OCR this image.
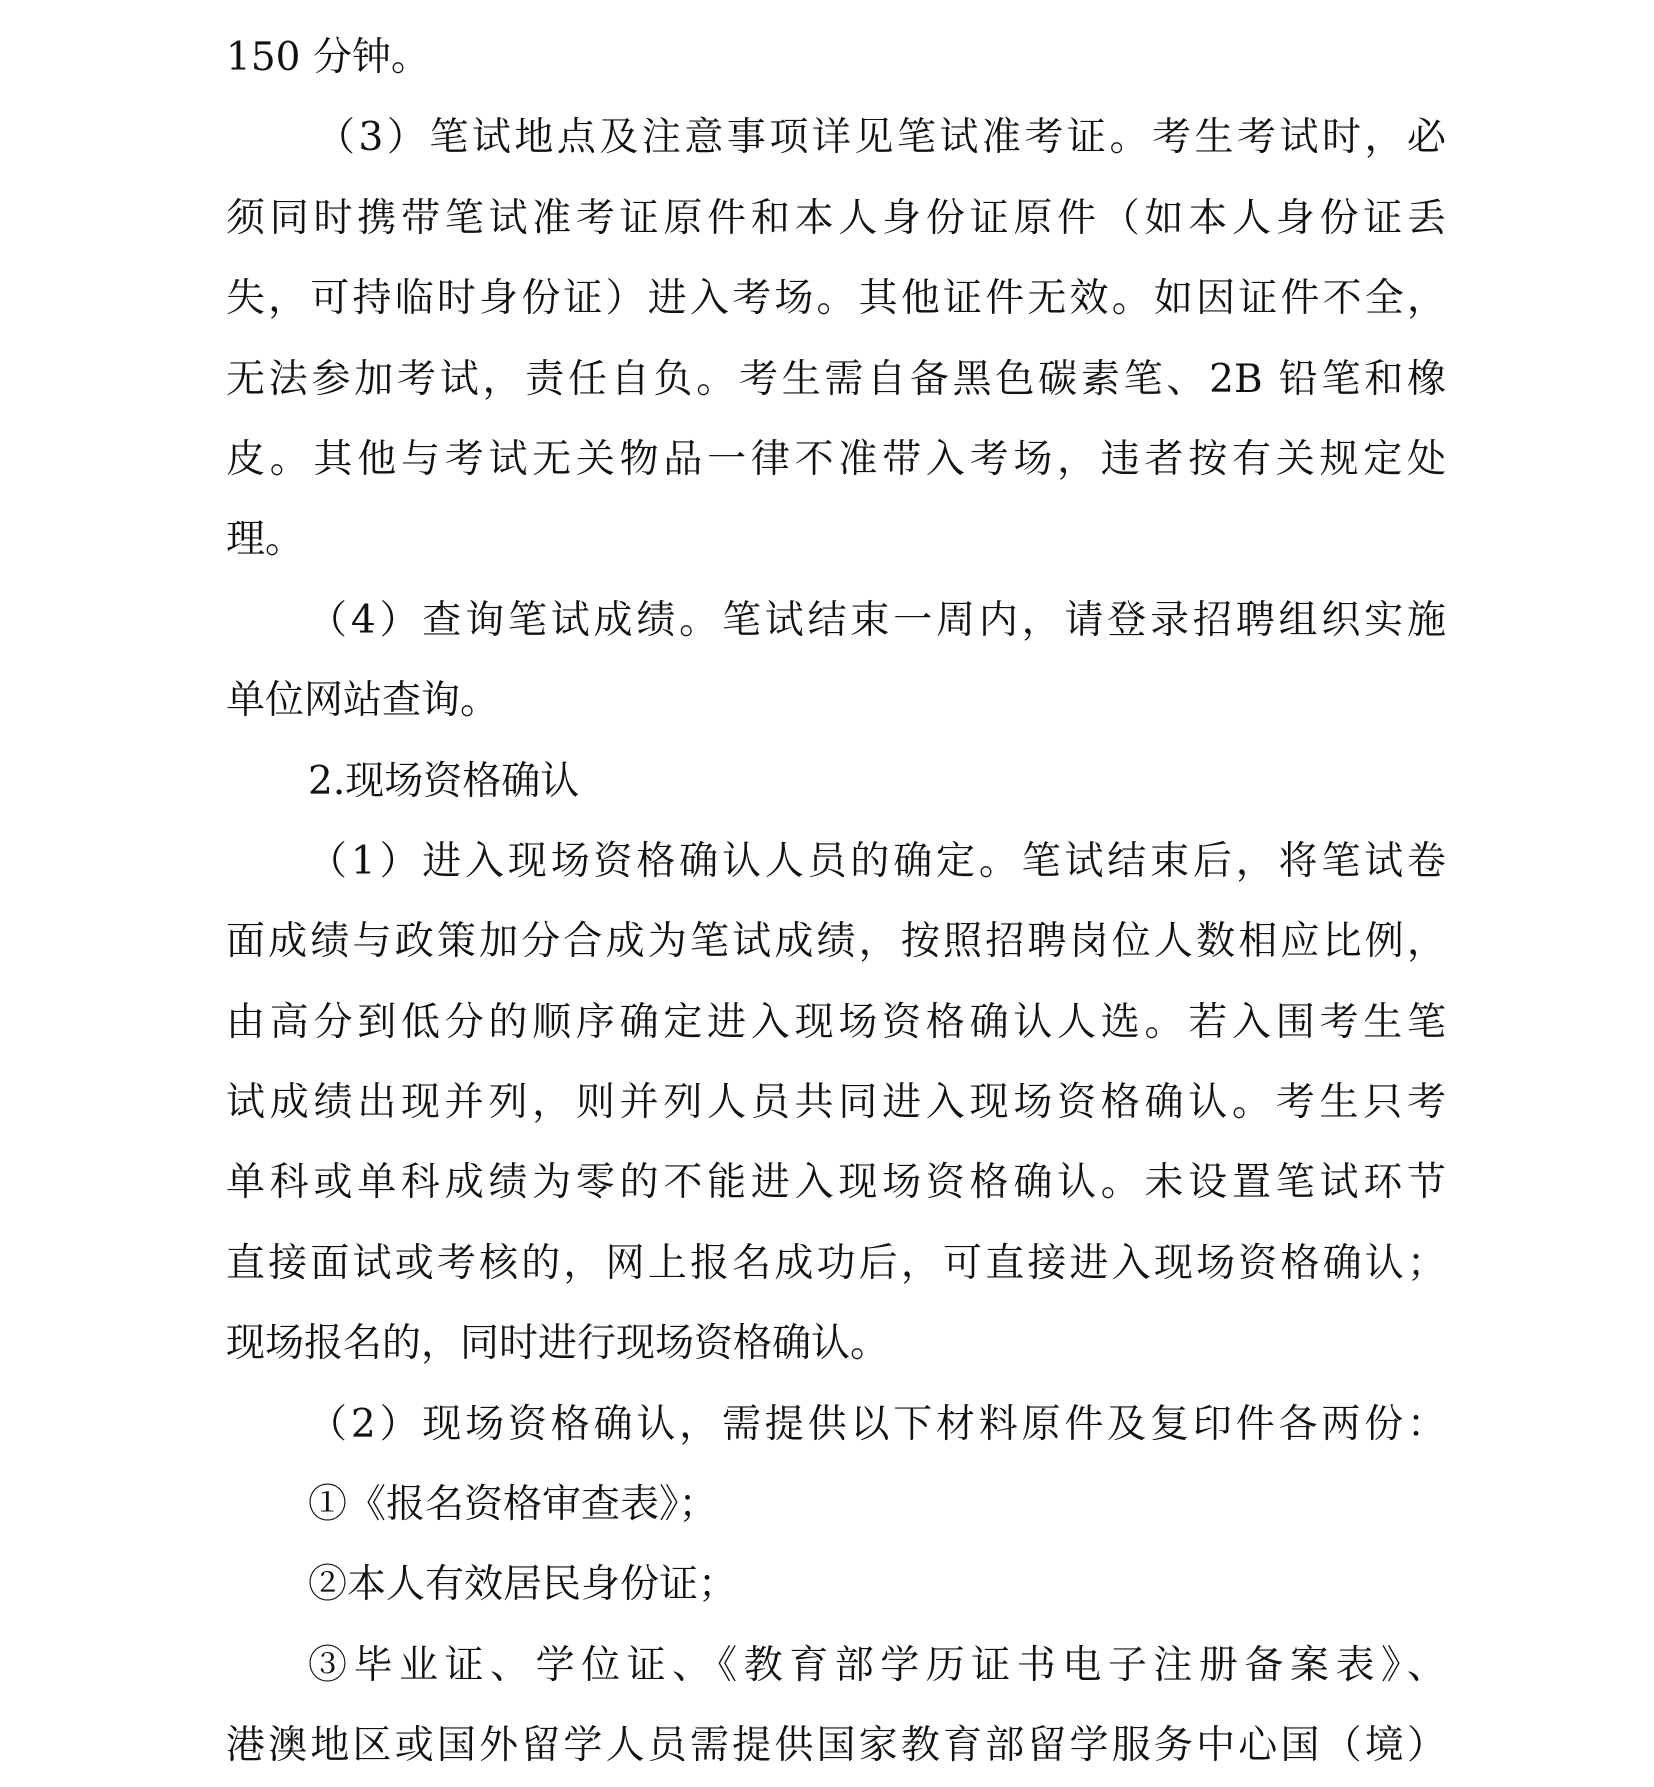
150 分钟。
（3）笔试地点及注意事项详见笔试准考证。考生考试时，必
须同时携带笔试准考证原件和本人身份证原件（如本人身份证丢
失，可持临时身份证）进入考场。其他证件无效。如因证件不全，
无法参加考试，责任自负。考生需自备黑色碳素笔、2B 铅笔和橡
皮。其他与考试无关物品一律不准带入考场，违者按有关规定处
理。
（4）查询笔试成绩。笔试结束一周内，请登录招聘组织实施
单位网站查询。
2.现场资格确认
（1）进入现场资格确认人员的确定。笔试结束后，将笔试卷
面成绩与政策加分合成为笔试成绩，按照招聘岗位人数相应比例，
由高分到低分的顺序确定进入现场资格确认人选。若入围考生笔
试成绩出现并列，则并列人员共同进入现场资格确认。考生只考
单科或单科成绩为零的不能进入现场资格确认。未设置笔试环节
直接面试或考核的，网上报名成功后，可直接进入现场资格确认；
现场报名的，同时进行现场资格确认。
（2）现场资格确认，需提供以下材料原件及复印件各两份：
①《报名资格审查表》；
②本人有效居民身份证；
③毕业证、学位证、《教育部学历证书电子注册备案表》、
港澳地区或国外留学人员需提供国家教育部留学服务中心国（境）
